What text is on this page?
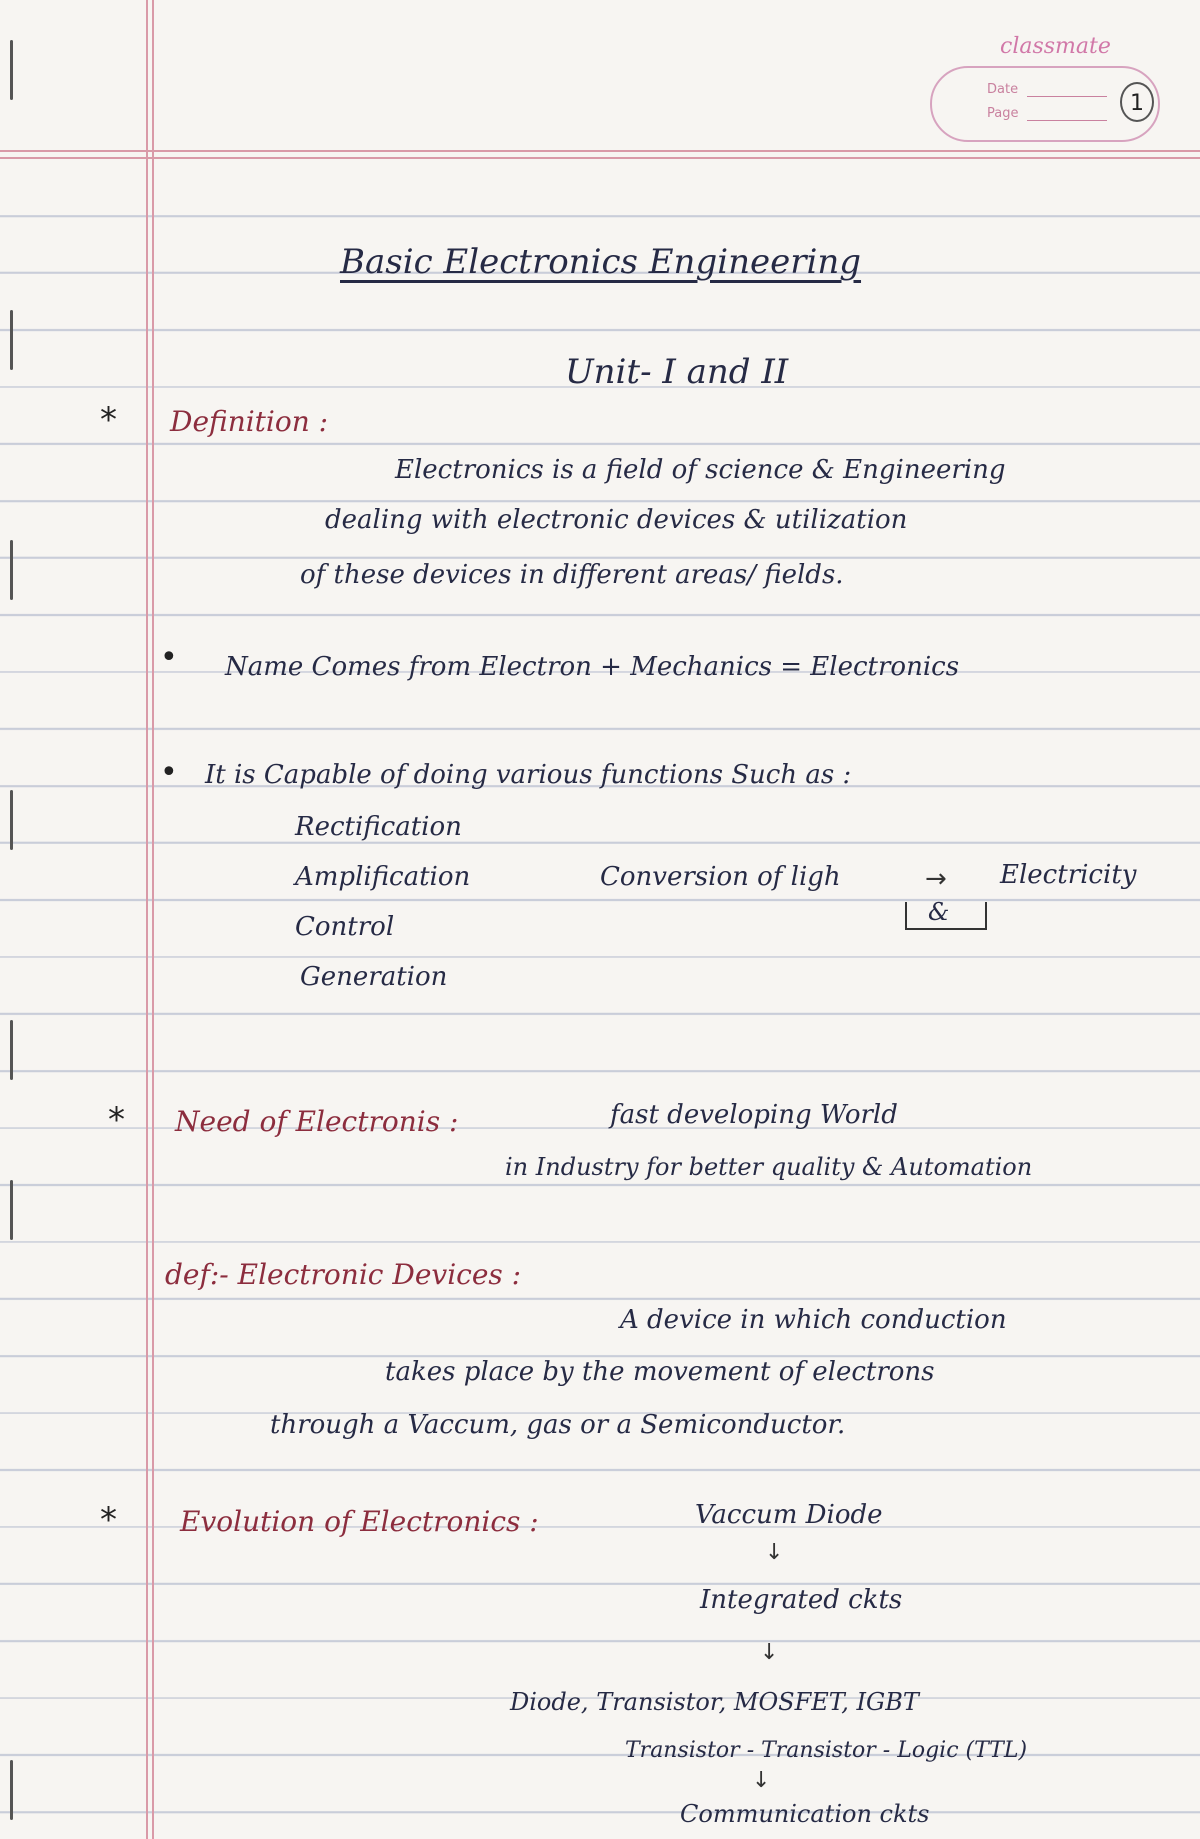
classmate
Date
Page	1
Basic Electronics Engineering
Unit- I and II
* Definition :
Electronics is a field of science & Engineering
dealing with electronic devices & utilization
of these devices in different areas/ fields.
• Name Comes from Electron + Mechanics = Electronics
• It is Capable of doing various functions Such as :
Rectification
Amplification
Control
Generation
Conversion of ligh	→ Electricity
&
* Need of Electronis :	fast developing World
in Industry for better quality & Automation
def:- Electronic Devices :
A device in which conduction
takes place by the movement of electrons
through a Vaccum, gas or a Semiconductor.
* Evolution of Electronics :	Vaccum Diode
↓
Integrated ckts
↓
Diode, Transistor, MOSFET, IGBT
Transistor - Transistor - Logic (TTL)
↓
Communication ckts
